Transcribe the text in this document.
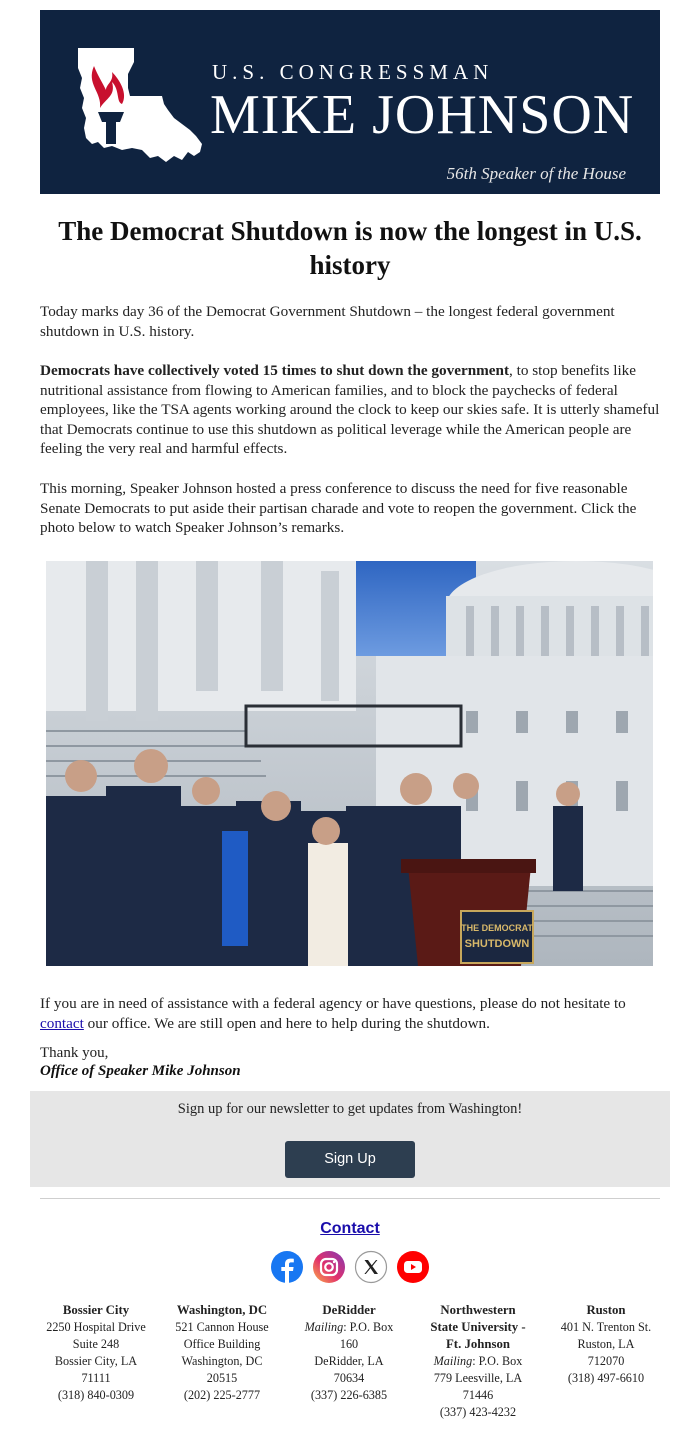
U.S. CONGRESSMAN
MIKE JOHNSON
56th Speaker of the House
The Democrat Shutdown is now the longest in U.S. history

Today marks day 36 of the Democrat Government Shutdown – the longest federal government shutdown in U.S. history.

Democrats have collectively voted 15 times to shut down the government, to stop benefits like nutritional assistance from flowing to American families, and to block the paychecks of federal employees, like the TSA agents working around the clock to keep our skies safe. It is utterly shameful that Democrats continue to use this shutdown as political leverage while the American people are feeling the very real and harmful effects.

This morning, Speaker Johnson hosted a press conference to discuss the need for five reasonable Senate Democrats to put aside their partisan charade and vote to reopen the government. Click the photo below to watch Speaker Johnson’s remarks.

THE DEMOCRAT
SHUTDOWN

If you are in need of assistance with a federal agency or have questions, please do not hesitate to contact our office. We are still open and here to help during the shutdown.

Thank you,
Office of Speaker Mike Johnson
Sign up for our newsletter to get updates from Washington!
Sign Up
Contact
Bossier City
2250 Hospital Drive
Suite 248
Bossier City, LA
71111
(318) 840-0309
Washington, DC
521 Cannon House
Office Building
Washington, DC
20515
(202) 225-2777
DeRidder
Mailing: P.O. Box
160
DeRidder, LA
70634
(337) 226-6385
Northwestern
State University -
Ft. Johnson
Mailing: P.O. Box
779 Leesville, LA
71446
(337) 423-4232
Ruston
401 N. Trenton St.
Ruston, LA
712070
(318) 497-6610
